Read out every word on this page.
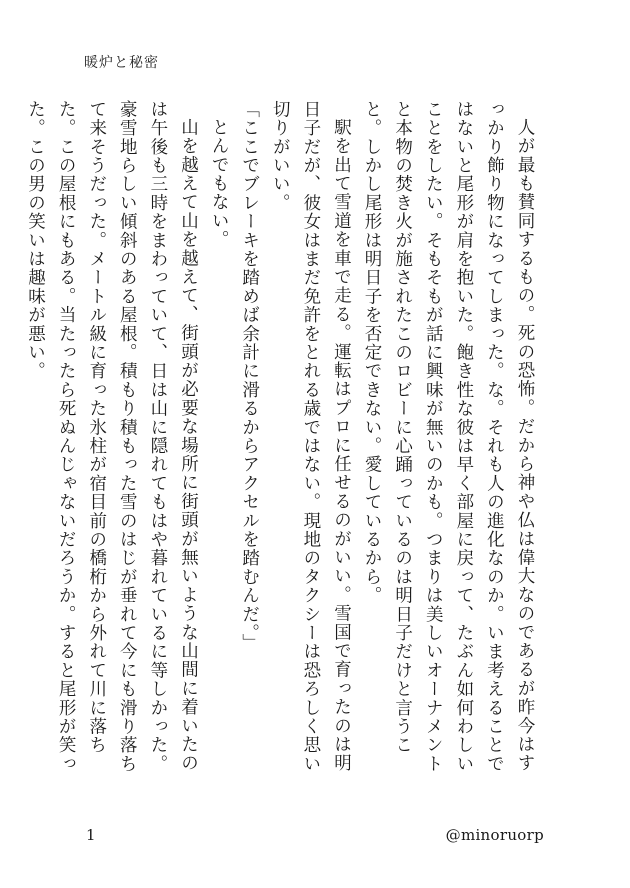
暖炉と秘密

人が最も賛同するもの。死の恐怖。だから神や仏は偉大なのであるが昨今はすっかり飾り物になってしまった。な。それも人の進化なのか。いま考えることではないと尾形が肩を抱いた。飽き性な彼は早く部屋に戻って、たぶん如何わしいことをしたい。そもそもが話に興味が無いのかも。つまりは美しいオーナメントと本物の焚き火が施されたこのロビーに心踊っているのは明日子だけと言うこと。しかし尾形は明日子を否定できない。愛しているから。

駅を出て雪道を車で走る。運転はプロに任せるのがいい。雪国で育ったのは明日子だが、彼女はまだ免許をとれる歳ではない。現地のタクシーは恐ろしく思い切りがいい。

「ここでブレーキを踏めば余計に滑るからアクセルを踏むんだ。」

とんでもない。

山を越えて山を越えて、街頭が必要な場所に街頭が無いような山間に着いたのは午後も三時をまわっていて、日は山に隠れてもはや暮れているに等しかった。豪雪地らしい傾斜のある屋根。積もり積もった雪のはじが垂れて今にも滑り落ちて来そうだった。メートル級に育った氷柱が宿目前の橋桁から外れて川に落ちた。この屋根にもある。当たったら死ぬんじゃないだろうか。すると尾形が笑った。この男の笑いは趣味が悪い。

1	@minoruorp
